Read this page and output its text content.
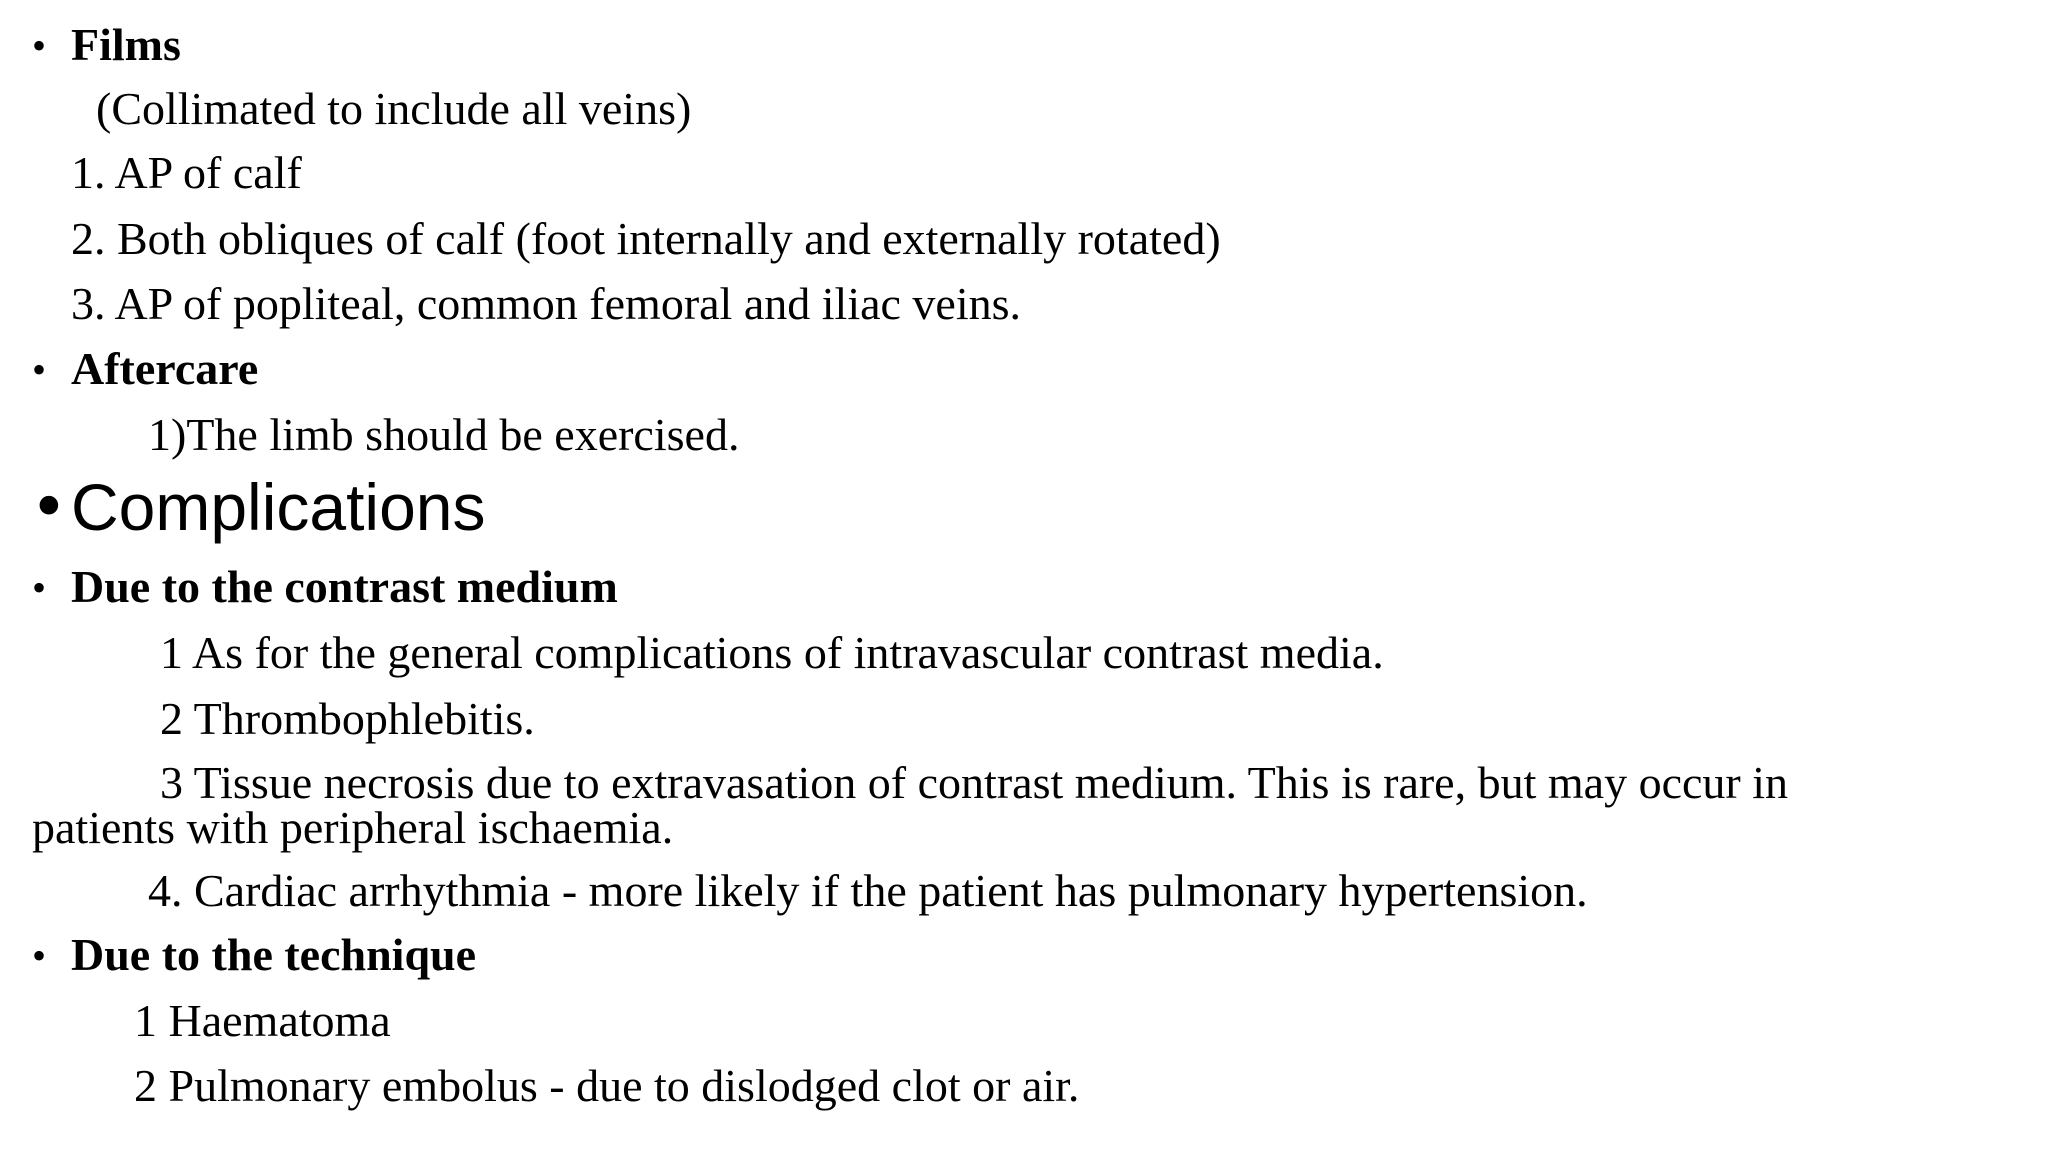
• Films
(Collimated to include all veins)
1. AP of calf
2. Both obliques of calf (foot internally and externally rotated)
3. AP of popliteal, common femoral and iliac veins.
• Aftercare
1)The limb should be exercised.
• Complications
• Due to the contrast medium
1 As for the general complications of intravascular contrast media.
2 Thrombophlebitis.
3 Tissue necrosis due to extravasation of contrast medium. This is rare, but may occur in
patients with peripheral ischaemia.
4. Cardiac arrhythmia - more likely if the patient has pulmonary hypertension.
• Due to the technique
1 Haematoma
2 Pulmonary embolus - due to dislodged clot or air.
